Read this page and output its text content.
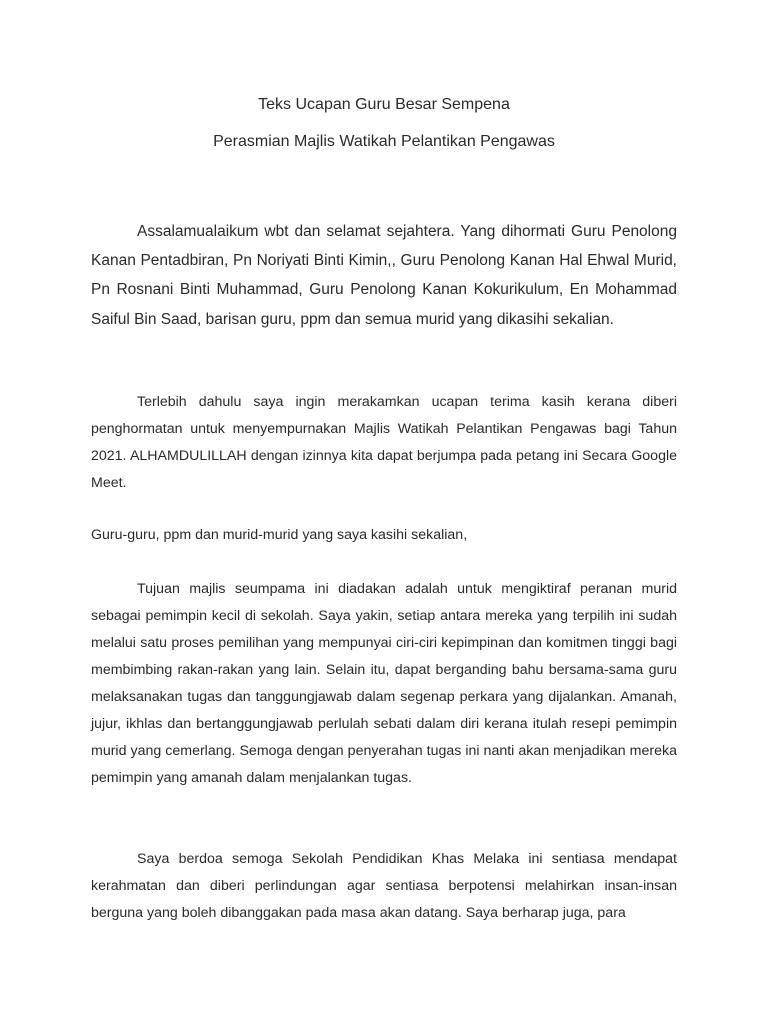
Teks Ucapan Guru Besar Sempena
Perasmian Majlis Watikah Pelantikan Pengawas

Assalamualaikum wbt dan selamat sejahtera. Yang dihormati Guru Penolong Kanan Pentadbiran, Pn Noriyati Binti Kimin,, Guru Penolong Kanan Hal Ehwal Murid, Pn Rosnani Binti Muhammad, Guru Penolong Kanan Kokurikulum, En Mohammad Saiful Bin Saad, barisan guru, ppm dan semua murid yang dikasihi sekalian.

Terlebih dahulu saya ingin merakamkan ucapan terima kasih kerana diberi penghormatan untuk menyempurnakan Majlis Watikah Pelantikan Pengawas bagi Tahun 2021. ALHAMDULILLAH dengan izinnya kita dapat berjumpa pada petang ini Secara Google Meet.

Guru-guru, ppm dan murid-murid yang saya kasihi sekalian,

Tujuan majlis seumpama ini diadakan adalah untuk mengiktiraf peranan murid sebagai pemimpin kecil di sekolah. Saya yakin, setiap antara mereka yang terpilih ini sudah melalui satu proses pemilihan yang mempunyai ciri-ciri kepimpinan dan komitmen tinggi bagi membimbing rakan-rakan yang lain. Selain itu, dapat berganding bahu bersama-sama guru melaksanakan tugas dan tanggungjawab dalam segenap perkara yang dijalankan. Amanah, jujur, ikhlas dan bertanggungjawab perlulah sebati dalam diri kerana itulah resepi pemimpin murid yang cemerlang. Semoga dengan penyerahan tugas ini nanti akan menjadikan mereka pemimpin yang amanah dalam menjalankan tugas.

Saya berdoa semoga Sekolah Pendidikan Khas Melaka ini sentiasa mendapat kerahmatan dan diberi perlindungan agar sentiasa berpotensi melahirkan insan-insan berguna yang boleh dibanggakan pada masa akan datang. Saya berharap juga, para
